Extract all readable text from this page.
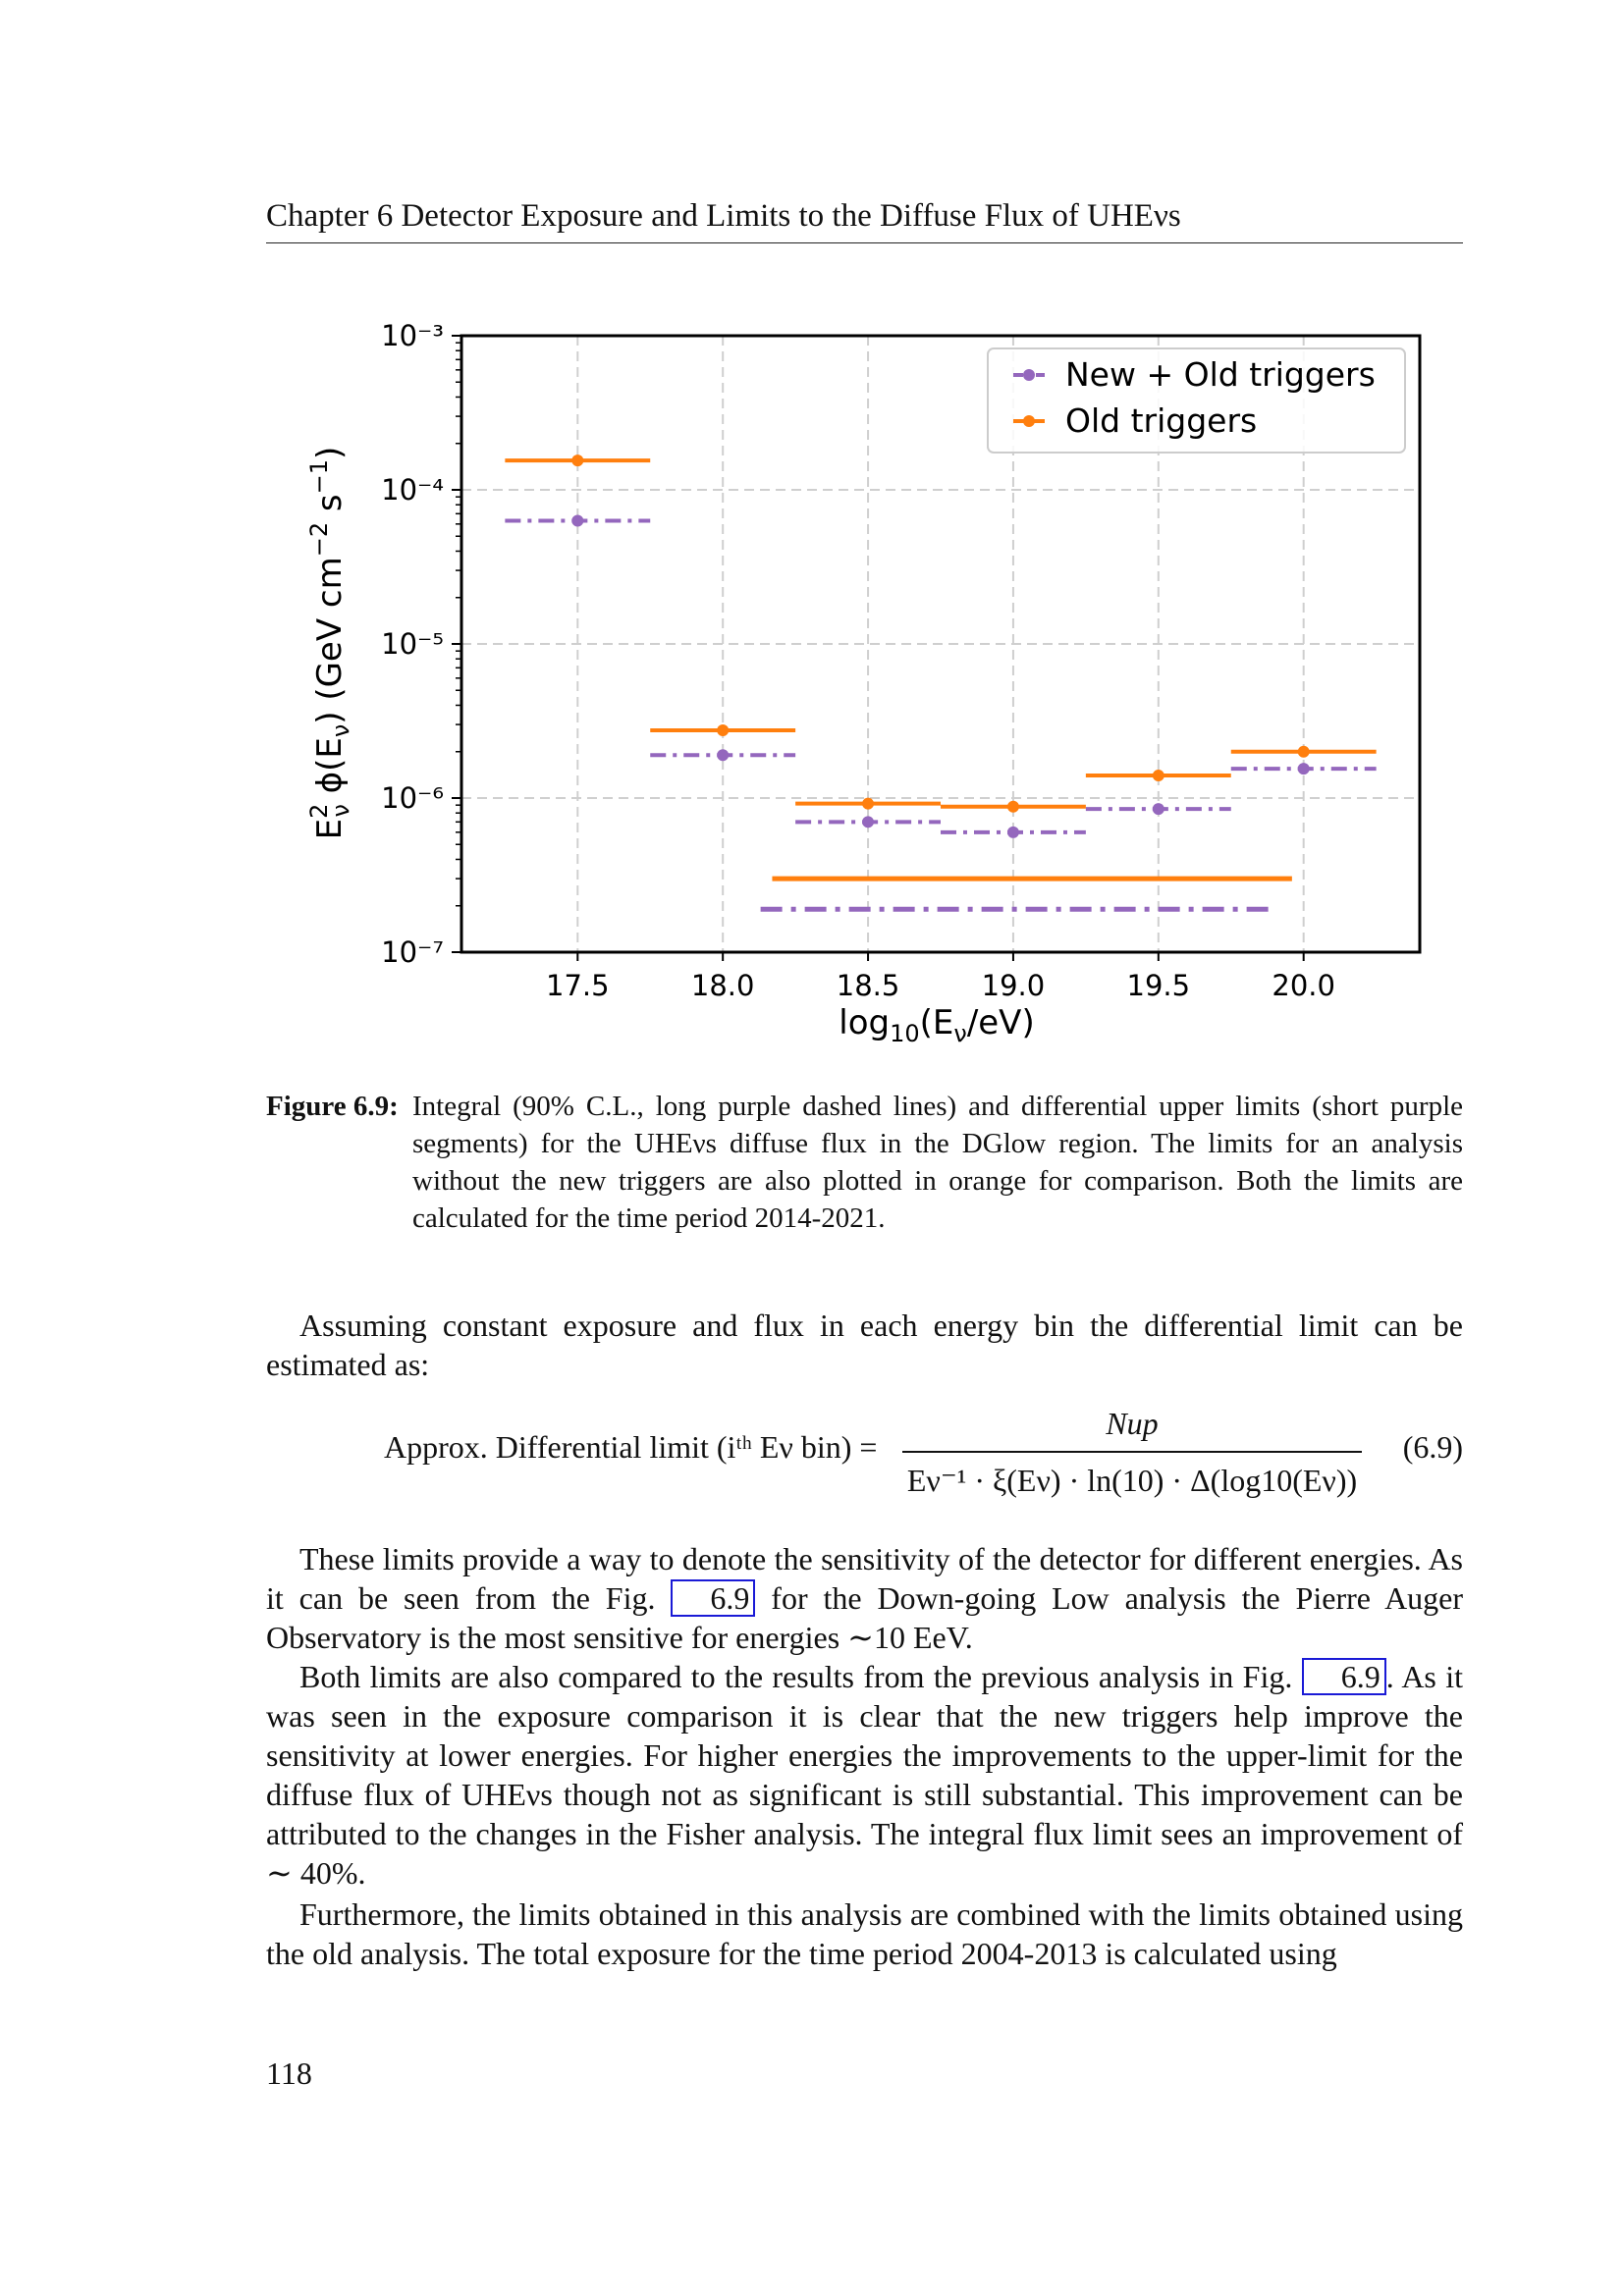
Chapter 6 Detector Exposure and Limits to the Diffuse Flux of UHEνs
17.5	18.0	18.5	19.0	19.5	20.0
10⁻³
10⁻⁴
10⁻⁵
10⁻⁶
10⁻⁷
New + Old triggers
Old triggers
$\log_{10}(E_\nu/eV)$
$E^2\nu$ $\phi(E_\nu)$ (GeV $cm^{-2}$ $s^{-1}$)
Figure 6.9: Integral (90% C.L., long purple dashed lines) and differential upper limits (short purple segments) for the UHEνs diffuse flux in the DGlow region. The limits for an analysis without the new triggers are also plotted in orange for comparison. Both the limits are calculated for the time period 2014-2021.
Assuming constant exposure and flux in each energy bin the differential limit can be estimated as:
Approx. Differential limit (iᵗʰ Eν bin) =
Nup
Eν⁻¹ · ξ(Eν) · ln(10) · Δ(log10(Eν))
(6.9)
These limits provide a way to denote the sensitivity of the detector for different energies. As it can be seen from the Fig. 6.9 for the Down-going Low analysis the Pierre Auger Observatory is the most sensitive for energies ∼10 EeV.
Both limits are also compared to the results from the previous analysis in Fig. 6.9 . As it was seen in the exposure comparison it is clear that the new triggers help improve the sensitivity at lower energies. For higher energies the improvements to the upper-limit for the diffuse flux of UHEνs though not as significant is still substantial. This improvement can be attributed to the changes in the Fisher analysis. The integral flux limit sees an improvement of ∼ 40%.
Furthermore, the limits obtained in this analysis are combined with the limits obtained using the old analysis. The total exposure for the time period 2004-2013 is calculated using
118
